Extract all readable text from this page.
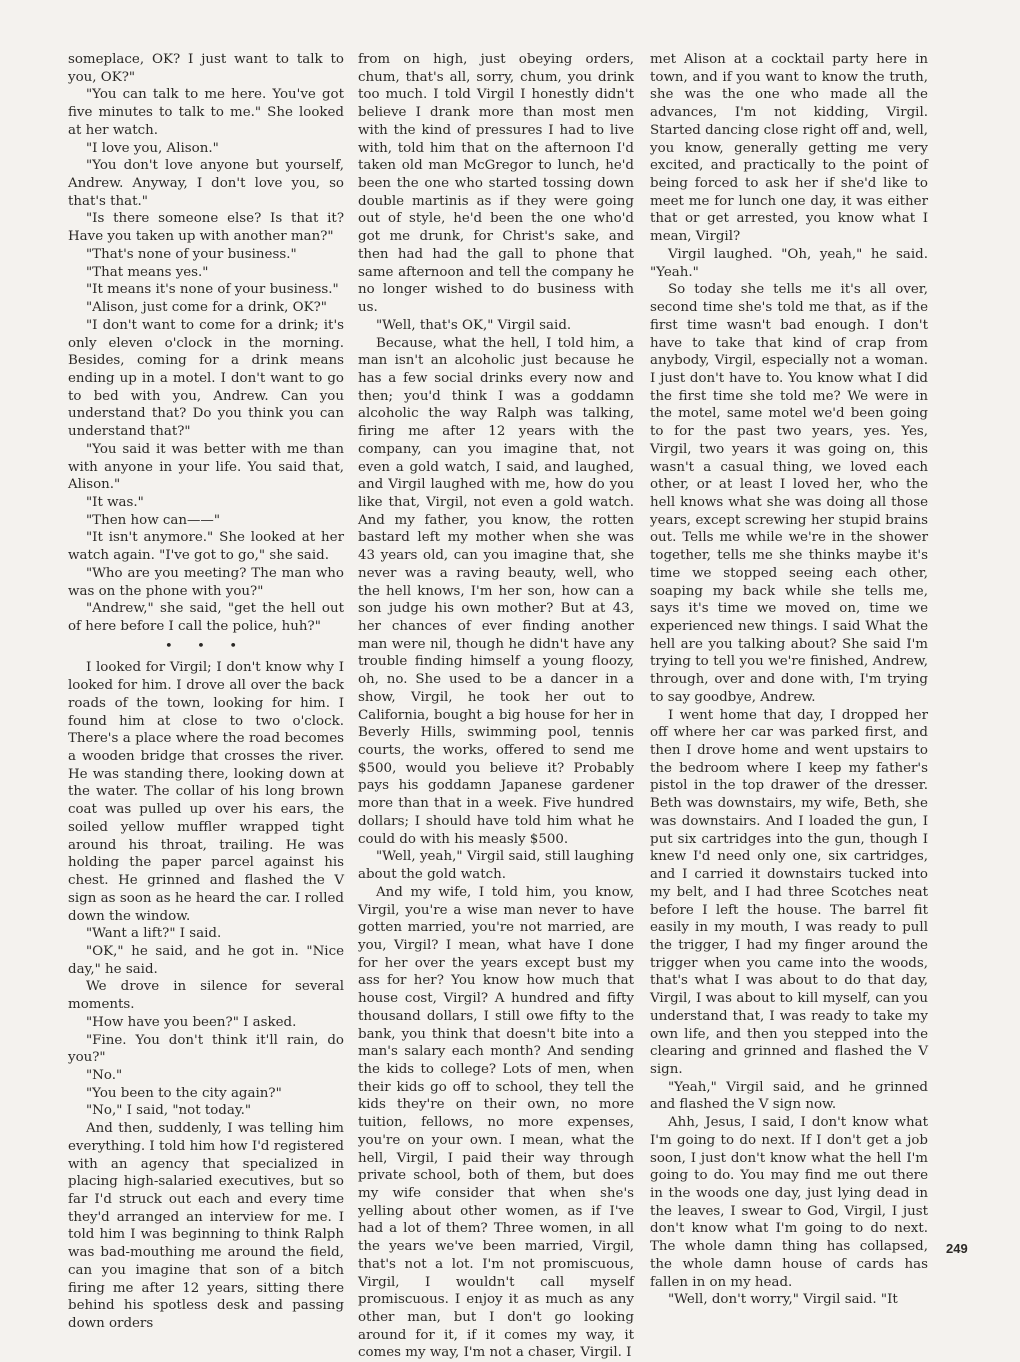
someplace, OK? I just want to talk to you, OK?"

"You can talk to me here. You've got five minutes to talk to me." She looked at her watch.

"I love you, Alison."

"You don't love anyone but yourself, Andrew. Anyway, I don't love you, so that's that."

"Is there someone else? Is that it? Have you taken up with another man?"

"That's none of your business."

"That means yes."

"It means it's none of your business."

"Alison, just come for a drink, OK?"

"I don't want to come for a drink; it's only eleven o'clock in the morning. Besides, coming for a drink means ending up in a motel. I don't want to go to bed with you, Andrew. Can you understand that? Do you think you can understand that?"

"You said it was better with me than with anyone in your life. You said that, Alison."

"It was."

"Then how can——"

"It isn't anymore." She looked at her watch again. "I've got to go," she said.

"Who are you meeting? The man who was on the phone with you?"

"Andrew," she said, "get the hell out of here before I call the police, huh?"

• • •

I looked for Virgil; I don't know why I looked for him. I drove all over the back roads of the town, looking for him. I found him at close to two o'clock. There's a place where the road becomes a wooden bridge that crosses the river. He was standing there, looking down at the water. The collar of his long brown coat was pulled up over his ears, the soiled yellow muffler wrapped tight around his throat, trailing. He was holding the paper parcel against his chest. He grinned and flashed the V sign as soon as he heard the car. I rolled down the window.

"Want a lift?" I said.

"OK," he said, and he got in. "Nice day," he said.

We drove in silence for several moments.

"How have you been?" I asked.

"Fine. You don't think it'll rain, do you?"

"No."

"You been to the city again?"

"No," I said, "not today."

And then, suddenly, I was telling him everything. I told him how I'd registered with an agency that specialized in placing high-salaried executives, but so far I'd struck out each and every time they'd arranged an interview for me. I told him I was beginning to think Ralph was bad-mouthing me around the field, can you imagine that son of a bitch firing me after 12 years, sitting there behind his spotless desk and passing down orders

from on high, just obeying orders, chum, that's all, sorry, chum, you drink too much. I told Virgil I honestly didn't believe I drank more than most men with the kind of pressures I had to live with, told him that on the afternoon I'd taken old man McGregor to lunch, he'd been the one who started tossing down double martinis as if they were going out of style, he'd been the one who'd got me drunk, for Christ's sake, and then had had the gall to phone that same afternoon and tell the company he no longer wished to do business with us.

"Well, that's OK," Virgil said.

Because, what the hell, I told him, a man isn't an alcoholic just because he has a few social drinks every now and then; you'd think I was a goddamn alcoholic the way Ralph was talking, firing me after 12 years with the company, can you imagine that, not even a gold watch, I said, and laughed, and Virgil laughed with me, how do you like that, Virgil, not even a gold watch. And my father, you know, the rotten bastard left my mother when she was 43 years old, can you imagine that, she never was a raving beauty, well, who the hell knows, I'm her son, how can a son judge his own mother? But at 43, her chances of ever finding another man were nil, though he didn't have any trouble finding himself a young floozy, oh, no. She used to be a dancer in a show, Virgil, he took her out to California, bought a big house for her in Beverly Hills, swimming pool, tennis courts, the works, offered to send me $500, would you believe it? Probably pays his goddamn Japanese gardener more than that in a week. Five hundred dollars; I should have told him what he could do with his measly $500.

"Well, yeah," Virgil said, still laughing about the gold watch.

And my wife, I told him, you know, Virgil, you're a wise man never to have gotten married, you're not married, are you, Virgil? I mean, what have I done for her over the years except bust my ass for her? You know how much that house cost, Virgil? A hundred and fifty thousand dollars, I still owe fifty to the bank, you think that doesn't bite into a man's salary each month? And sending the kids to college? Lots of men, when their kids go off to school, they tell the kids they're on their own, no more tuition, fellows, no more expenses, you're on your own. I mean, what the hell, Virgil, I paid their way through private school, both of them, but does my wife consider that when she's yelling about other women, as if I've had a lot of them? Three women, in all the years we've been married, Virgil, that's not a lot. I'm not promiscuous, Virgil, I wouldn't call myself promiscuous. I enjoy it as much as any other man, but I don't go looking around for it, if it comes my way, it comes my way, I'm not a chaser, Virgil. I

met Alison at a cocktail party here in town, and if you want to know the truth, she was the one who made all the advances, I'm not kidding, Virgil. Started dancing close right off and, well, you know, generally getting me very excited, and practically to the point of being forced to ask her if she'd like to meet me for lunch one day, it was either that or get arrested, you know what I mean, Virgil?

Virgil laughed. "Oh, yeah," he said. "Yeah."

So today she tells me it's all over, second time she's told me that, as if the first time wasn't bad enough. I don't have to take that kind of crap from anybody, Virgil, especially not a woman. I just don't have to. You know what I did the first time she told me? We were in the motel, same motel we'd been going to for the past two years, yes. Yes, Virgil, two years it was going on, this wasn't a casual thing, we loved each other, or at least I loved her, who the hell knows what she was doing all those years, except screwing her stupid brains out. Tells me while we're in the shower together, tells me she thinks maybe it's time we stopped seeing each other, soaping my back while she tells me, says it's time we moved on, time we experienced new things. I said What the hell are you talking about? She said I'm trying to tell you we're finished, Andrew, through, over and done with, I'm trying to say goodbye, Andrew.

I went home that day, I dropped her off where her car was parked first, and then I drove home and went upstairs to the bedroom where I keep my father's pistol in the top drawer of the dresser. Beth was downstairs, my wife, Beth, she was downstairs. And I loaded the gun, I put six cartridges into the gun, though I knew I'd need only one, six cartridges, and I carried it downstairs tucked into my belt, and I had three Scotches neat before I left the house. The barrel fit easily in my mouth, I was ready to pull the trigger, I had my finger around the trigger when you came into the woods, that's what I was about to do that day, Virgil, I was about to kill myself, can you understand that, I was ready to take my own life, and then you stepped into the clearing and grinned and flashed the V sign.

"Yeah," Virgil said, and he grinned and flashed the V sign now.

Ahh, Jesus, I said, I don't know what I'm going to do next. If I don't get a job soon, I just don't know what the hell I'm going to do. You may find me out there in the woods one day, just lying dead in the leaves, I swear to God, Virgil, I just don't know what I'm going to do next. The whole damn thing has collapsed, the whole damn house of cards has fallen in on my head.

"Well, don't worry," Virgil said. "It

249
